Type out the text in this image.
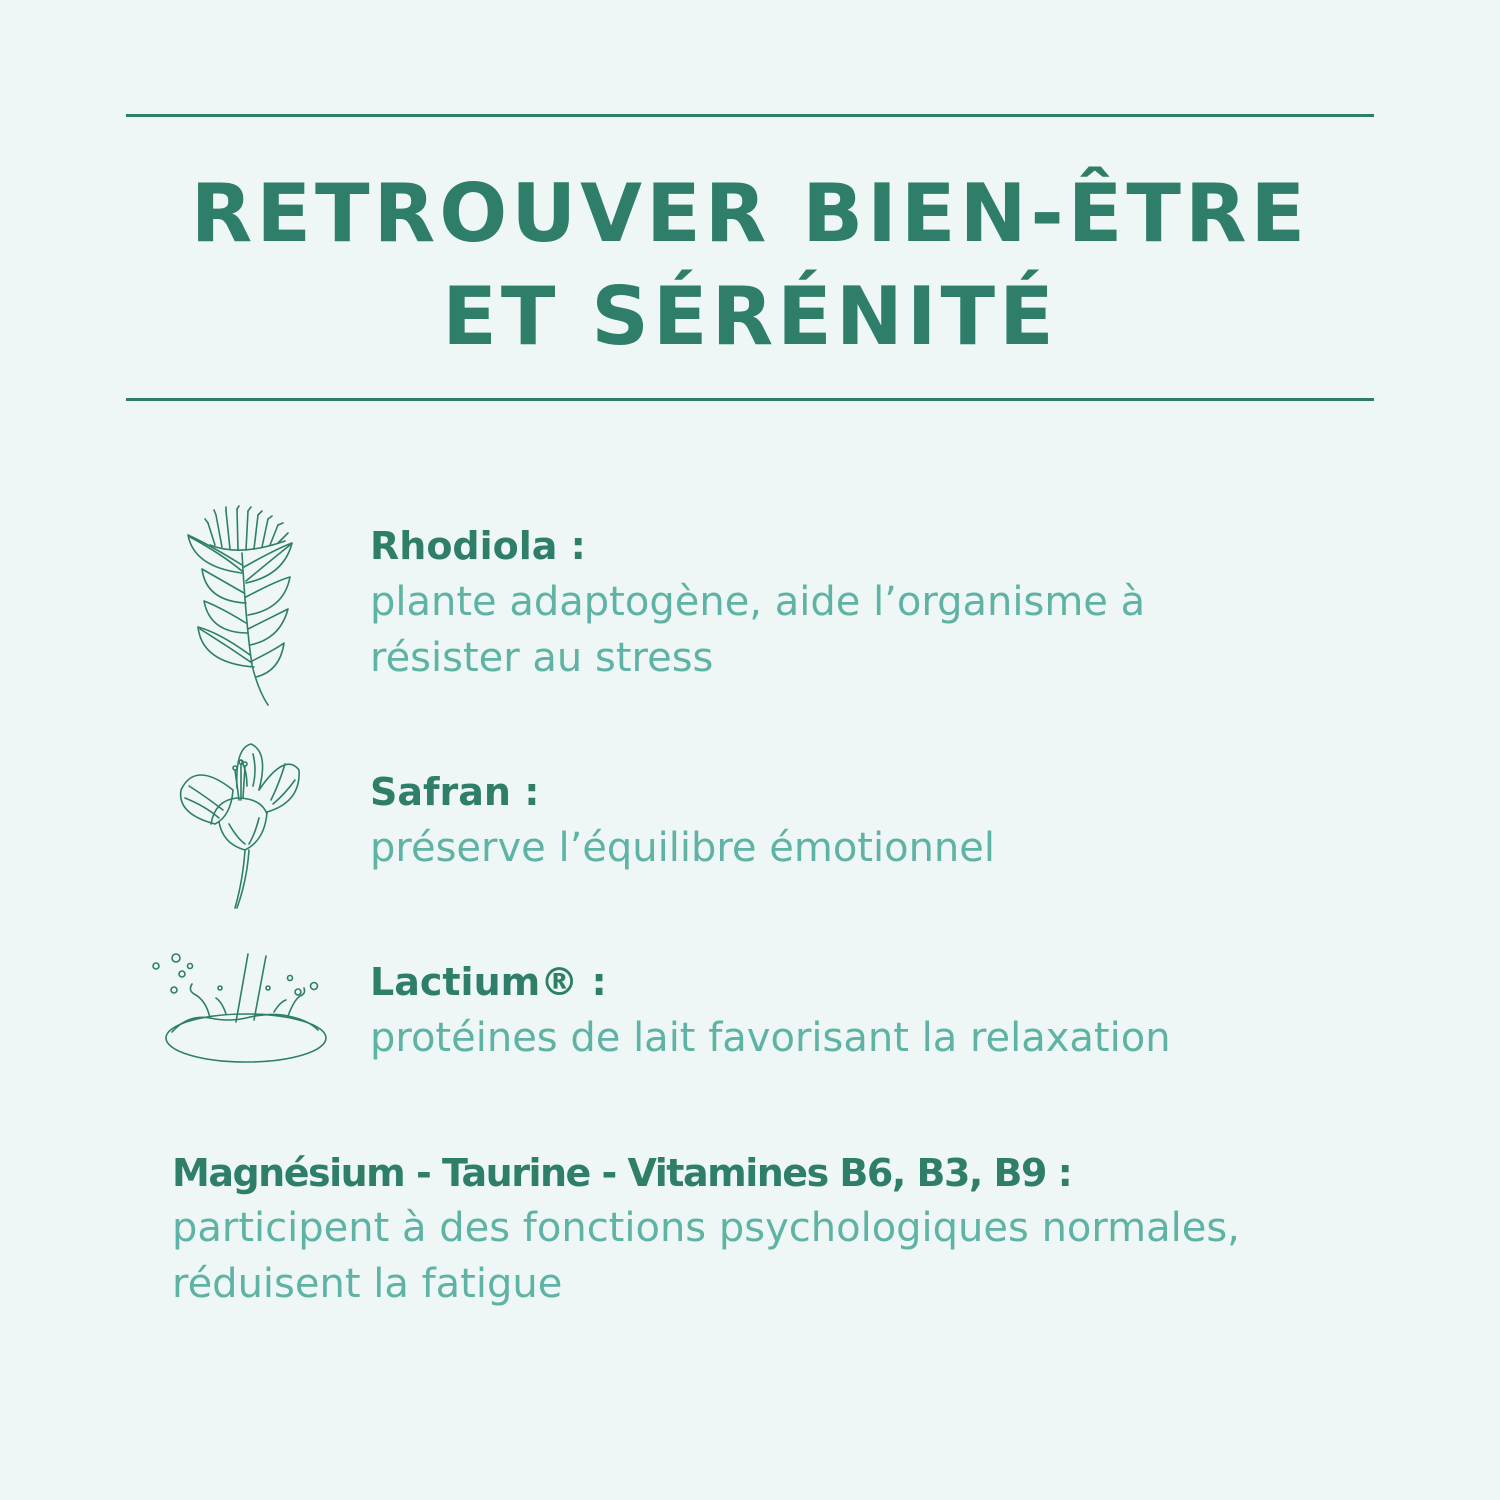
RETROUVER BIEN-ÊTRE
ET SÉRÉNITÉ
Rhodiola :
plante adaptogène, aide l’organisme à
résister au stress
Safran :
préserve l’équilibre émotionnel
Lactium® :
protéines de lait favorisant la relaxation
Magnésium - Taurine - Vitamines B6, B3, B9 :
participent à des fonctions psychologiques normales,
réduisent la fatigue
